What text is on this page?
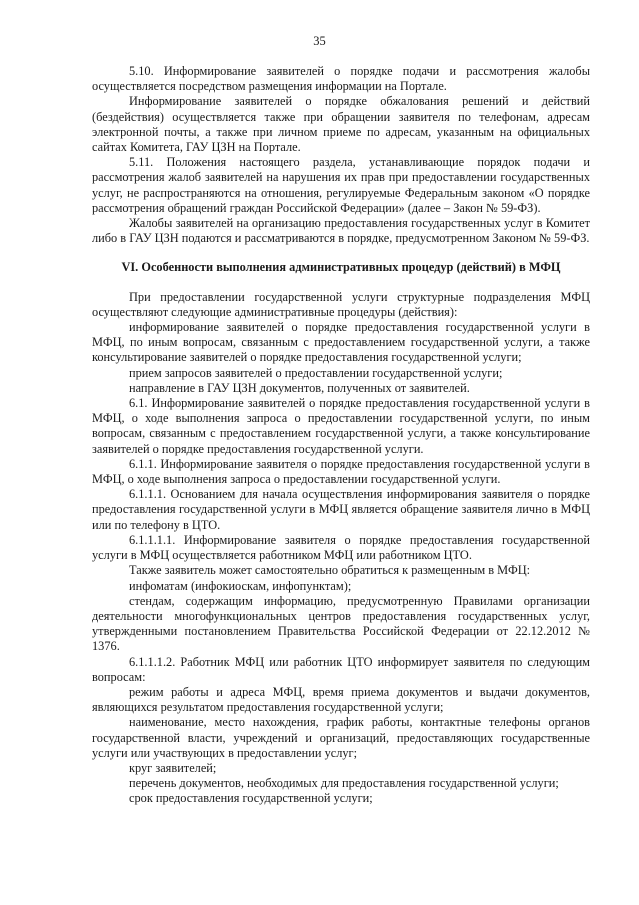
35

5.10. Информирование заявителей о порядке подачи и рассмотрения жалобы осуществляется посредством размещения информации на Портале.

Информирование заявителей о порядке обжалования решений и действий (бездействия) осуществляется также при обращении заявителя по телефонам, адресам электронной почты, а также при личном приеме по адресам, указанным на официальных сайтах Комитета, ГАУ ЦЗН на Портале.

5.11. Положения настоящего раздела, устанавливающие порядок подачи и рассмотрения жалоб заявителей на нарушения их прав при предоставлении государственных услуг, не распространяются на отношения, регулируемые Федеральным законом «О порядке рассмотрения обращений граждан Российской Федерации» (далее – Закон № 59-ФЗ).

Жалобы заявителей на организацию предоставления государственных услуг в Комитет либо в ГАУ ЦЗН подаются и рассматриваются в порядке, предусмотренном Законом № 59-ФЗ.

VI. Особенности выполнения административных процедур (действий) в МФЦ

При предоставлении государственной услуги структурные подразделения МФЦ осуществляют следующие административные процедуры (действия):

информирование заявителей о порядке предоставления государственной услуги в МФЦ, по иным вопросам, связанным с предоставлением государственной услуги, а также консультирование заявителей о порядке предоставления государственной услуги;

прием запросов заявителей о предоставлении государственной услуги;

направление в ГАУ ЦЗН документов, полученных от заявителей.

6.1. Информирование заявителей о порядке предоставления государственной услуги в МФЦ, о ходе выполнения запроса о предоставлении государственной услуги, по иным вопросам, связанным с предоставлением государственной услуги, а также консультирование заявителей о порядке предоставления государственной услуги.

6.1.1. Информирование заявителя о порядке предоставления государственной услуги в МФЦ, о ходе выполнения запроса о предоставлении государственной услуги.

6.1.1.1. Основанием для начала осуществления информирования заявителя о порядке предоставления государственной услуги в МФЦ является обращение заявителя лично в МФЦ или по телефону в ЦТО.

6.1.1.1.1. Информирование заявителя о порядке предоставления государственной услуги в МФЦ осуществляется работником МФЦ или работником ЦТО.

Также заявитель может самостоятельно обратиться к размещенным в МФЦ:

инфоматам (инфокиоскам, инфопунктам);

стендам, содержащим информацию, предусмотренную Правилами организации деятельности многофункциональных центров предоставления государственных услуг, утвержденными постановлением Правительства Российской Федерации от 22.12.2012 № 1376.

6.1.1.1.2. Работник МФЦ или работник ЦТО информирует заявителя по следующим вопросам:

режим работы и адреса МФЦ, время приема документов и выдачи документов, являющихся результатом предоставления государственной услуги;

наименование, место нахождения, график работы, контактные телефоны органов государственной власти, учреждений и организаций, предоставляющих государственные услуги или участвующих в предоставлении услуг;

круг заявителей;

перечень документов, необходимых для предоставления государственной услуги;

срок предоставления государственной услуги;
